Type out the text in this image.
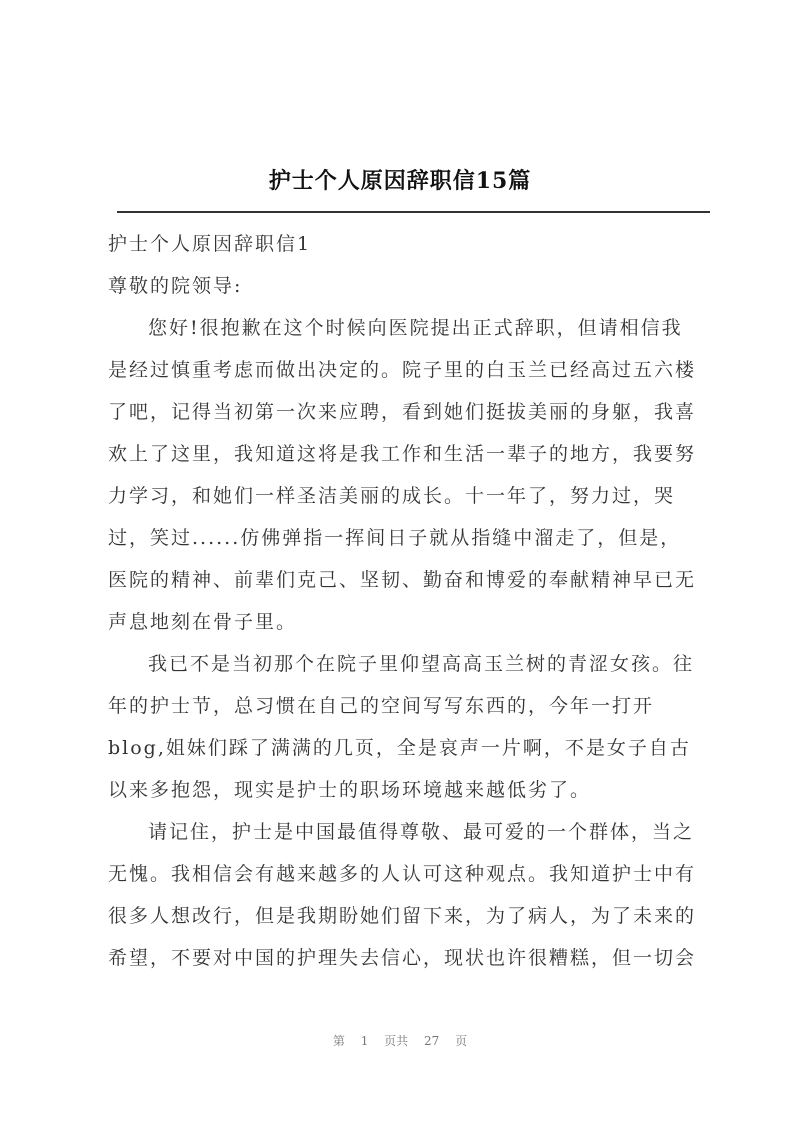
护士个人原因辞职信15篇
护士个人原因辞职信1
尊敬的院领导:
您好!很抱歉在这个时候向医院提出正式辞职，但请相信我
是经过慎重考虑而做出决定的。院子里的白玉兰已经高过五六楼
了吧，记得当初第一次来应聘，看到她们挺拔美丽的身躯，我喜
欢上了这里，我知道这将是我工作和生活一辈子的地方，我要努
力学习，和她们一样圣洁美丽的成长。十一年了，努力过，哭
过，笑过......仿佛弹指一挥间日子就从指缝中溜走了，但是，
医院的精神、前辈们克己、坚韧、勤奋和博爱的奉献精神早已无
声息地刻在骨子里。
我已不是当初那个在院子里仰望高高玉兰树的青涩女孩。往
年的护士节，总习惯在自己的空间写写东西的，今年一打开
blog,姐妹们踩了满满的几页，全是哀声一片啊，不是女子自古
以来多抱怨，现实是护士的职场环境越来越低劣了。
请记住，护士是中国最值得尊敬、最可爱的一个群体，当之
无愧。我相信会有越来越多的人认可这种观点。我知道护士中有
很多人想改行，但是我期盼她们留下来，为了病人，为了未来的
希望，不要对中国的护理失去信心，现状也许很糟糕，但一切会
第 1 页共 27 页
